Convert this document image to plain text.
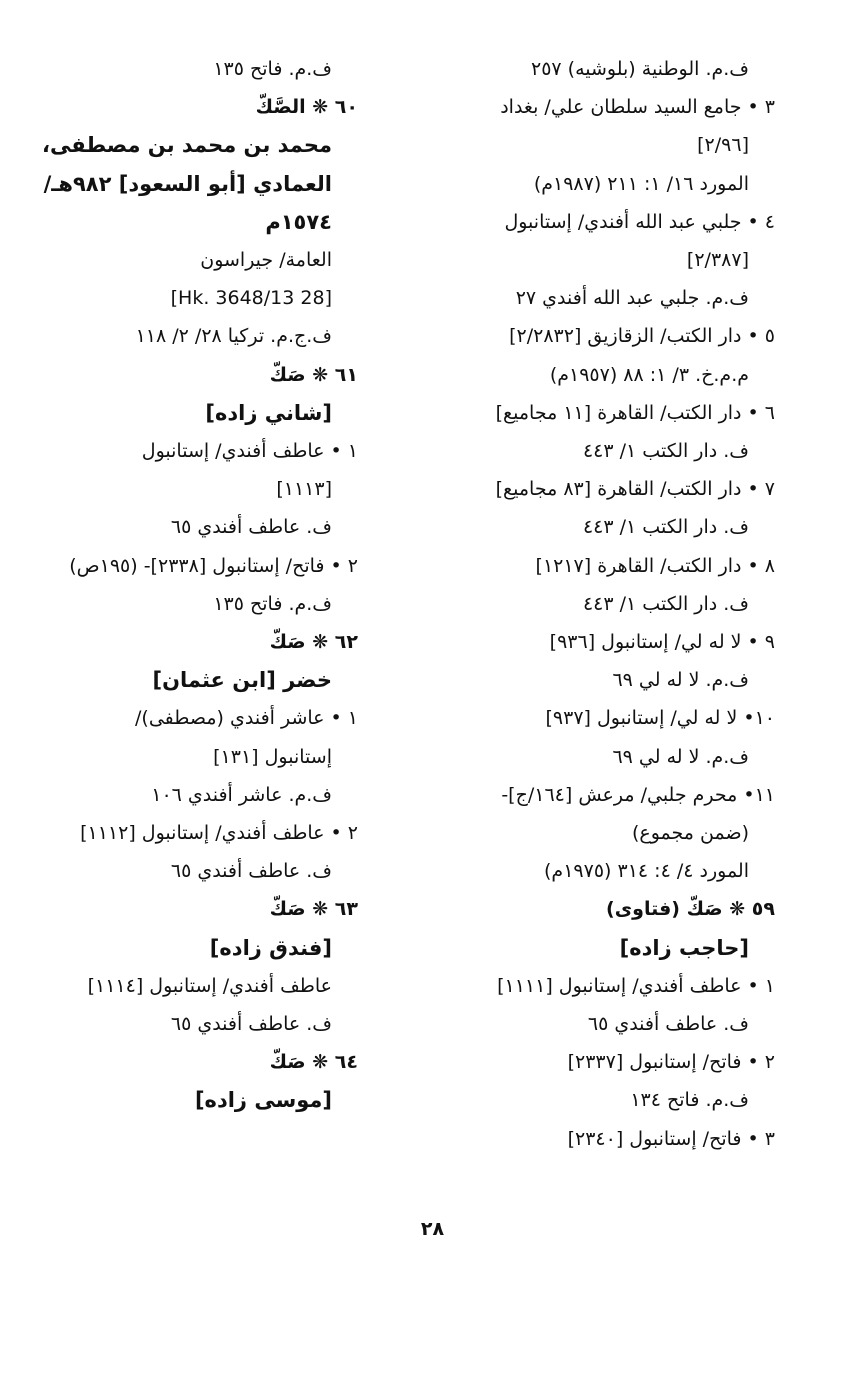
ف.م. الوطنية (بلوشيه) ٢٥٧

٣ • جامع السيد سلطان علي/ بغداد

[٢/٩٦]

المورد ١٦/ ١: ٢١١ (١٩٨٧م)

٤ • جلبي عبد الله أفندي/ إستانبول

[٢/٣٨٧]

ف.م. جلبي عبد الله أفندي ٢٧

٥ • دار الكتب/ الزقازيق [٢/٢٨٣٢]

م.م.خ. ٣/ ١: ٨٨ (١٩٥٧م)

٦ • دار الكتب/ القاهرة [١١ مجاميع]

ف. دار الكتب ١/ ٤٤٣

٧ • دار الكتب/ القاهرة [٨٣ مجاميع]

ف. دار الكتب ١/ ٤٤٣

٨ • دار الكتب/ القاهرة [١٢١٧]

ف. دار الكتب ١/ ٤٤٣

٩ • لا له لي/ إستانبول [٩٣٦]

ف.م. لا له لي ٦٩

١٠• لا له لي/ إستانبول [٩٣٧]

ف.م. لا له لي ٦٩

١١• محرم جلبي/ مرعش [١٦٤/ج]-

(ضمن مجموع)

المورد ٤/ ٤: ٣١٤ (١٩٧٥م)

٥٩ ❋ صَكّ (فتاوى)

[حاجب زاده]

١ • عاطف أفندي/ إستانبول [١١١١]

ف. عاطف أفندي ٦٥

٢ • فاتح/ إستانبول [٢٣٣٧]

ف.م. فاتح ١٣٤

٣ • فاتح/ إستانبول [٢٣٤٠]

ف.م. فاتح ١٣٥

٦٠ ❋ الصَّكّ

محمد بن محمد بن مصطفى،

العمادي [أبو السعود] ٩٨٢هـ/

١٥٧٤م

العامة/ جيراسون

[28 Hk. 3648/13]

ف.ج.م. تركيا ٢٨/ ٢/ ١١٨

٦١ ❋ صَكّ

[شاني زاده]

١ • عاطف أفندي/ إستانبول

[١١١٣]

ف. عاطف أفندي ٦٥

٢ • فاتح/ إستانبول [٢٣٣٨]- (١٩٥ص)

ف.م. فاتح ١٣٥

٦٢ ❋ صَكّ

خضر [ابن عثمان]

١ • عاشر أفندي (مصطفى)/

إستانبول [١٣١]

ف.م. عاشر أفندي ١٠٦

٢ • عاطف أفندي/ إستانبول [١١١٢]

ف. عاطف أفندي ٦٥

٦٣ ❋ صَكّ

[فندق زاده]

عاطف أفندي/ إستانبول [١١١٤]

ف. عاطف أفندي ٦٥

٦٤ ❋ صَكّ

[موسى زاده]

٢٨
